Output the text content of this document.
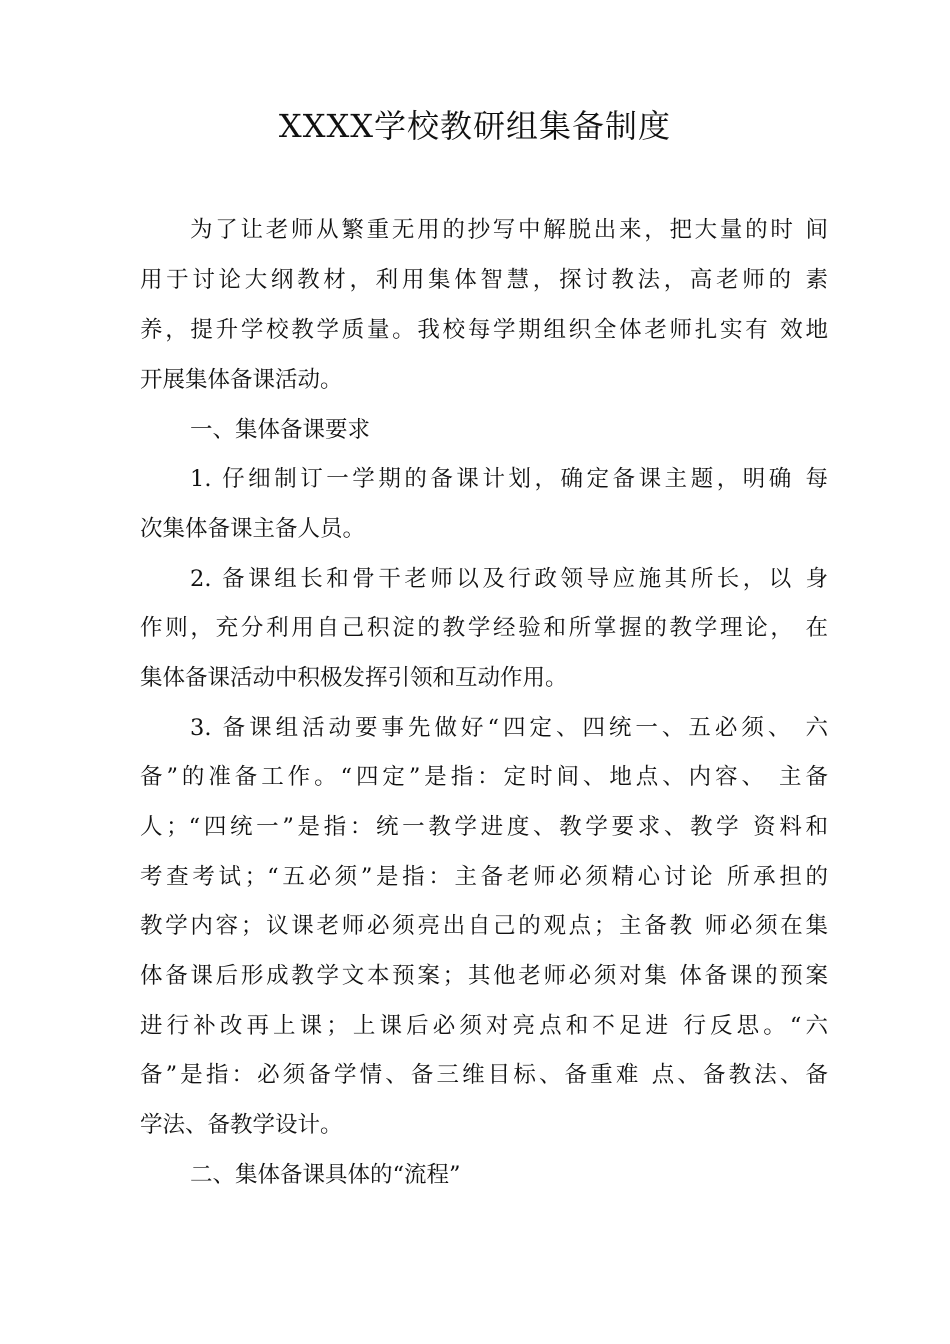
XXXX学校教研组集备制度
为了让老师从繁重无用的抄写中解脱出来，把大量的时 间
用于讨论大纲教材，利用集体智慧，探讨教法，高老师的 素
养，提升学校教学质量。我校每学期组织全体老师扎实有 效地
开展集体备课活动。
一、集体备课要求
1. 仔细制订一学期的备课计划，确定备课主题，明确 每
次集体备课主备人员。
2. 备课组长和骨干老师以及行政领导应施其所长，以 身
作则，充分利用自己积淀的教学经验和所掌握的教学理论， 在
集体备课活动中积极发挥引领和互动作用。
3. 备课组活动要事先做好“四定、四统一、五必须、 六
备”的准备工作。“四定”是指：定时间、地点、内容、 主备
人；“四统一”是指：统一教学进度、教学要求、教学 资料和
考查考试；“五必须”是指：主备老师必须精心讨论 所承担的
教学内容；议课老师必须亮出自己的观点；主备教 师必须在集
体备课后形成教学文本预案；其他老师必须对集 体备课的预案
进行补改再上课；上课后必须对亮点和不足进 行反思。“六
备”是指：必须备学情、备三维目标、备重难 点、备教法、备
学法、备教学设计。
二、集体备课具体的“流程”
